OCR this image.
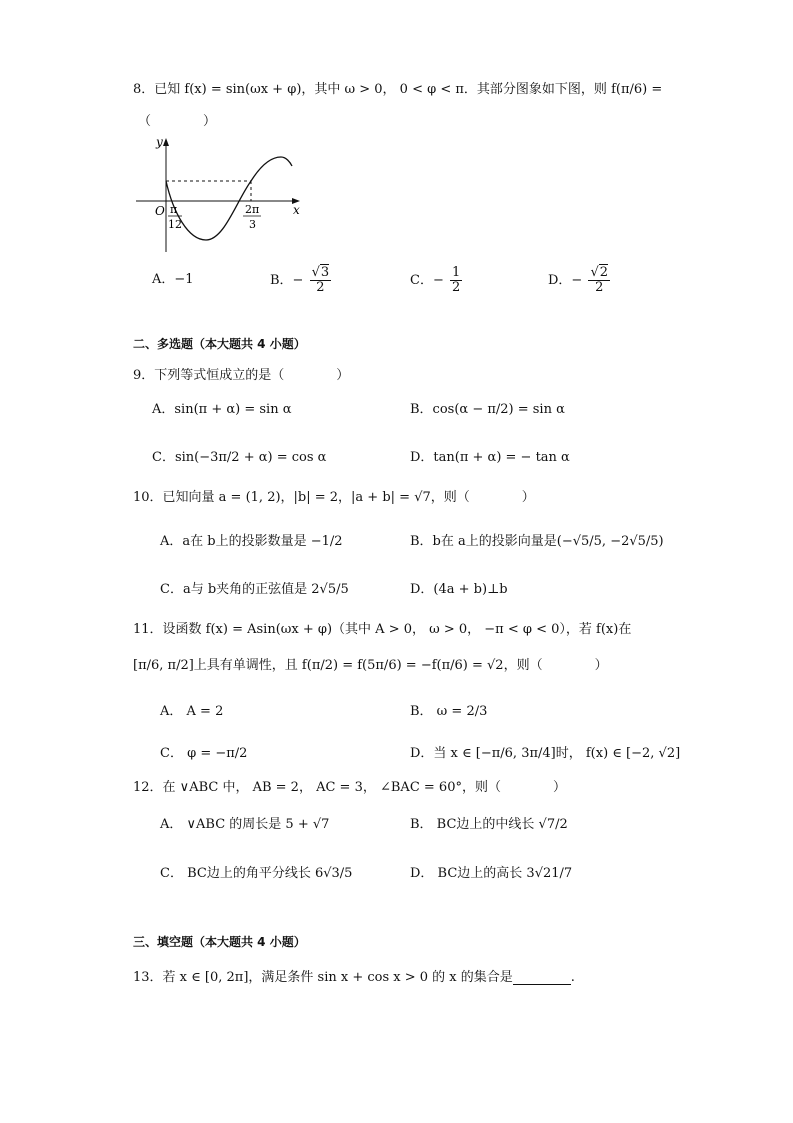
8．已知 f(x) = sin(ωx + φ)，其中 ω > 0， 0 < φ < π．其部分图象如下图，则 f(π/6) =
（　　　　）
y
x
O π
12
2π
3
A．−1	B．− $\frac{√3}{2}$	C．− $\frac{1}{2}$	D．− $\frac{√2}{2}$
二、多选题（本大题共 4 小题）
9．下列等式恒成立的是（　　　　）
A．sin(π + α) = sin α	B．cos(α − π/2) = sin α
C．sin(−3π/2 + α) = cos α	D．tan(π + α) = − tan α
10．已知向量 a = (1, 2)，|b| = 2，|a + b| = √7，则（　　　　）
A．a在 b上的投影数量是 −1/2	B．b在 a上的投影向量是(−√5/5, −2√5/5)
C．a与 b夹角的正弦值是 2√5/5	D．(4a + b)⊥b
11．设函数 f(x) = Asin(ωx + φ)（其中 A > 0， ω > 0， −π < φ < 0），若 f(x)在
[π/6, π/2]上具有单调性，且 f(π/2) = f(5π/6) = −f(π/6) = √2，则（　　　　）
A． A = 2	B． ω = 2/3
C． φ = −π/2	D．当 x ∈ [−π/6, 3π/4]时， f(x) ∈ [−2, √2]
12．在 ∨ABC 中， AB = 2， AC = 3， ∠BAC = 60°，则（　　　　）
A． ∨ABC 的周长是 5 + √7	B． BC边上的中线长 √7/2
C． BC边上的角平分线长 6√3/5	D． BC边上的高长 3√21/7
三、填空题（本大题共 4 小题）
13．若 x ∈ [0, 2π]，满足条件 sin x + cos x > 0 的 x 的集合是	.
